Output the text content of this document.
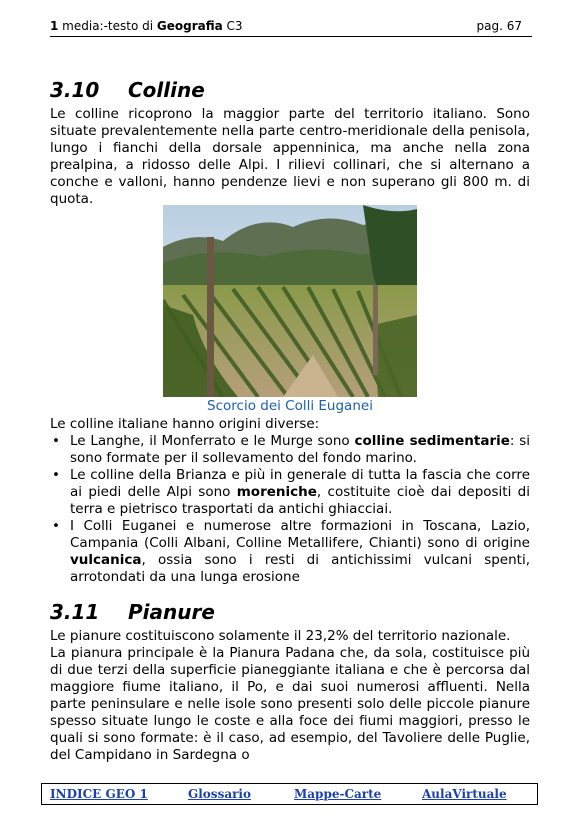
1 media:-testo di Geografia C3	pag. 67
3.10 Colline

Le colline ricoprono la maggior parte del territorio italiano. Sono situate prevalentemente nella parte centro-meridionale della penisola, lungo i fianchi della dorsale appenninica, ma anche nella zona prealpina, a ridosso delle Alpi. I rilievi collinari, che si alternano a conche e valloni, hanno pendenze lievi e non superano gli 800 m. di quota.

Scorcio dei Colli Euganei

Le colline italiane hanno origini diverse:

• Le Langhe, il Monferrato e le Murge sono colline sedimentarie: si sono formate per il sollevamento del fondo marino.
• Le colline della Brianza e più in generale di tutta la fascia che corre ai piedi delle Alpi sono moreniche, costituite cioè dai depositi di terra e pietrisco trasportati da antichi ghiacciai.
• I Colli Euganei e numerose altre formazioni in Toscana, Lazio, Campania (Colli Albani, Colline Metallifere, Chianti) sono di origine vulcanica, ossia sono i resti di antichissimi vulcani spenti, arrotondati da una lunga erosione
3.11 Pianure

Le pianure costituiscono solamente il 23,2% del territorio nazionale.

La pianura principale è la Pianura Padana che, da sola, costituisce più di due terzi della superficie pianeggiante italiana e che è percorsa dal maggiore fiume italiano, il Po, e dai suoi numerosi affluenti. Nella parte peninsulare e nelle isole sono presenti solo delle piccole pianure spesso situate lungo le coste e alla foce dei fiumi maggiori, presso le quali si sono formate: è il caso, ad esempio, del Tavoliere delle Puglie, del Campidano in Sardegna o

INDICE GEO 1	Glossario	Mappe-Carte	AulaVirtuale
